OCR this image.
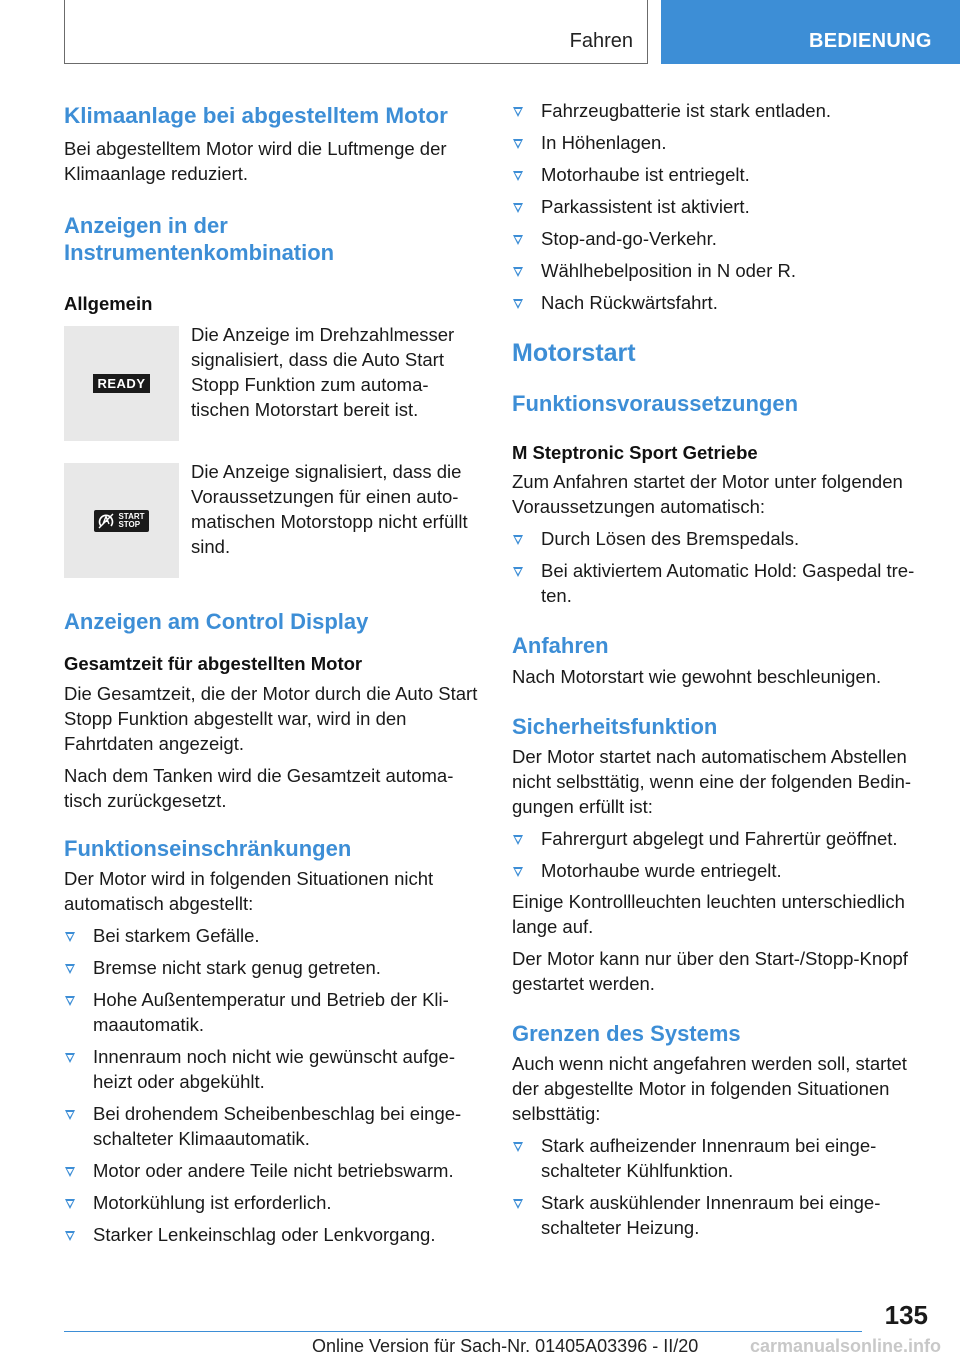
Fahren	BEDIENUNG
Klimaanlage bei abgestelltem Motor

Bei abgestelltem Motor wird die Luftmenge der Klimaanlage reduziert.

Anzeigen in der
Instrumentenkombination
Allgemein
READY
Die Anzeige im Drehzahlmesser signalisiert, dass die Auto Start Stopp Funktion zum automatischen Motorstart bereit ist.
START
STOP
Die Anzeige signalisiert, dass die Voraussetzungen für einen automatischen Motorstopp nicht erfüllt sind.
Anzeigen am Control Display
Gesamtzeit für abgestellten Motor

Die Gesamtzeit, die der Motor durch die Auto Start Stopp Funktion abgestellt war, wird in den Fahrtdaten angezeigt.

Nach dem Tanken wird die Gesamtzeit automatisch zurückgesetzt.

Funktionseinschränkungen

Der Motor wird in folgenden Situationen nicht automatisch abgestellt:

Bei starkem Gefälle.
Bremse nicht stark genug getreten.
Hohe Außentemperatur und Betrieb der Klimaautomatik.
Innenraum noch nicht wie gewünscht aufgeheizt oder abgekühlt.
Bei drohendem Scheibenbeschlag bei eingeschalteter Klimaautomatik.
Motor oder andere Teile nicht betriebswarm.
Motorkühlung ist erforderlich.
Starker Lenkeinschlag oder Lenkvorgang.
Fahrzeugbatterie ist stark entladen.
In Höhenlagen.
Motorhaube ist entriegelt.
Parkassistent ist aktiviert.
Stop-and-go-Verkehr.
Wählhebelposition in N oder R.
Nach Rückwärtsfahrt.
Motorstart
Funktionsvoraussetzungen
M Steptronic Sport Getriebe

Zum Anfahren startet der Motor unter folgenden Voraussetzungen automatisch:

Durch Lösen des Bremspedals.
Bei aktiviertem Automatic Hold: Gaspedal treten.
Anfahren

Nach Motorstart wie gewohnt beschleunigen.

Sicherheitsfunktion

Der Motor startet nach automatischem Abstellen nicht selbsttätig, wenn eine der folgenden Bedingungen erfüllt ist:

Fahrergurt abgelegt und Fahrertür geöffnet.
Motorhaube wurde entriegelt.

Einige Kontrollleuchten leuchten unterschiedlich lange auf.

Der Motor kann nur über den Start-/Stopp-Knopf gestartet werden.

Grenzen des Systems

Auch wenn nicht angefahren werden soll, startet der abgestellte Motor in folgenden Situationen selbsttätig:

Stark aufheizender Innenraum bei eingeschalteter Kühlfunktion.
Stark auskühlender Innenraum bei eingeschalteter Heizung.
135
Online Version für Sach-Nr. 01405A03396 - II/20	carmanualsonline.info
